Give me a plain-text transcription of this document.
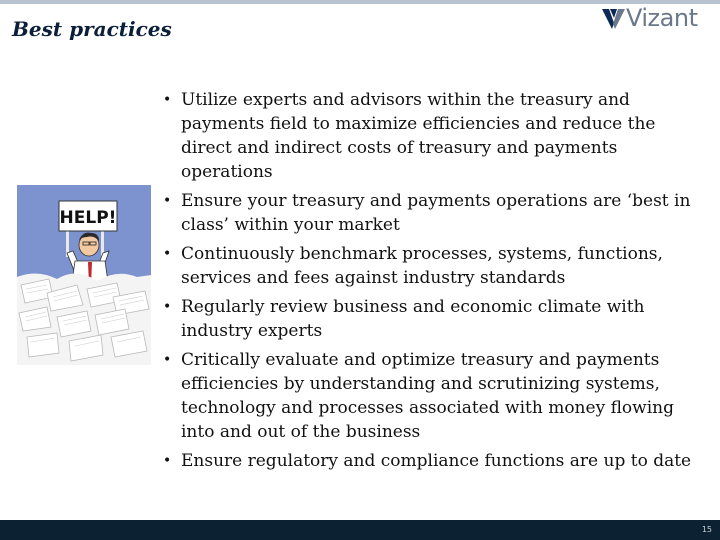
Best practices	Vizant
HELP!
• Utilize experts and advisors within the treasury and payments field to maximize efficiencies and reduce the direct and indirect costs of treasury and payments operations
• Ensure your treasury and payments operations are ‘best in class’ within your market
• Continuously benchmark processes, systems, functions, services and fees against industry standards
• Regularly review business and economic climate with industry experts
• Critically evaluate and optimize treasury and payments efficiencies by understanding and scrutinizing systems, technology and processes associated with money flowing into and out of the business
• Ensure regulatory and compliance functions are up to date
15
